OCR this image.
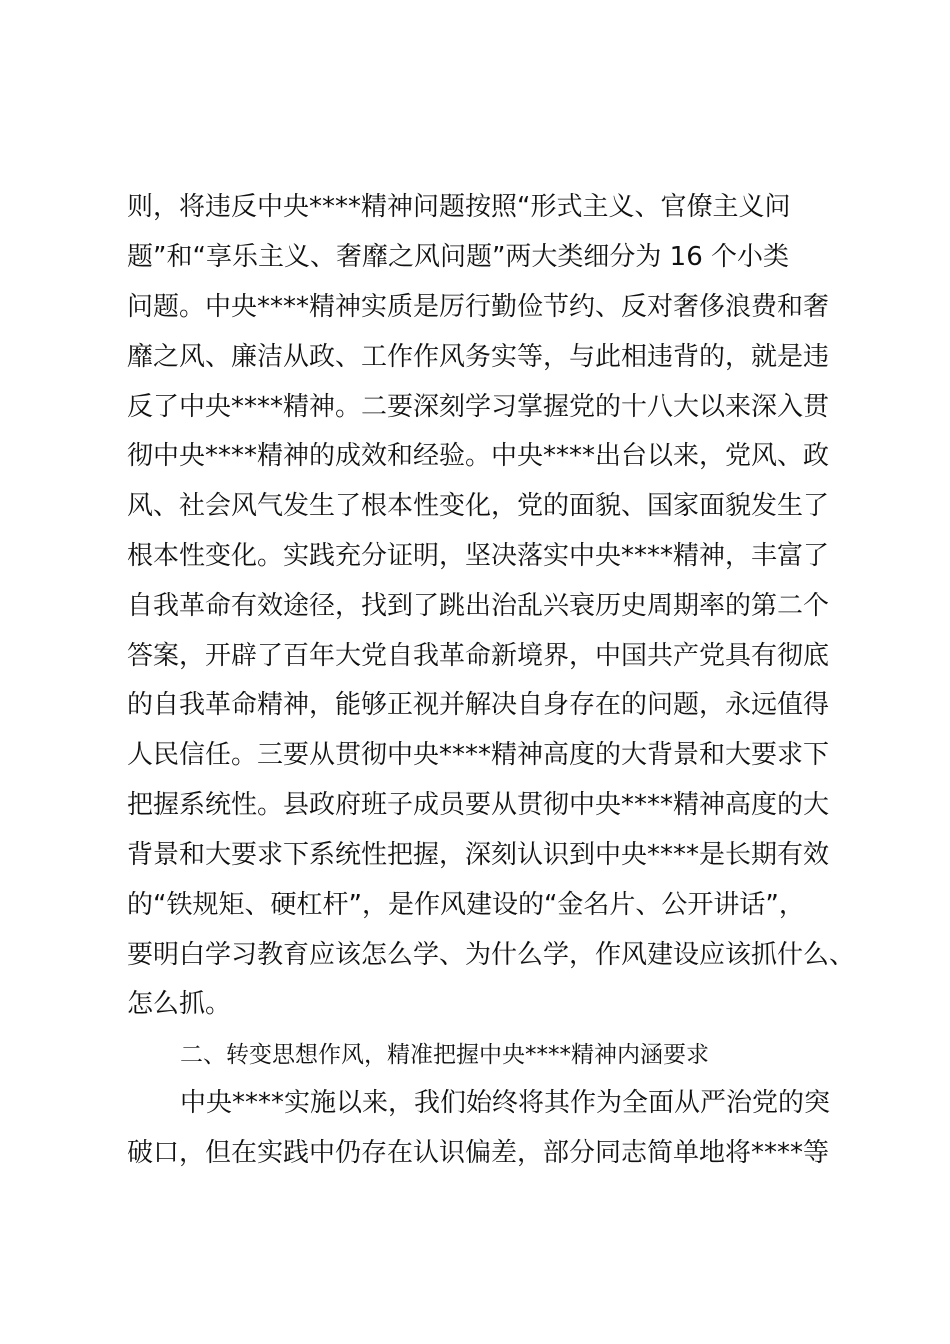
则，将违反中央****精神问题按照“形式主义、官僚主义问
题”和“享乐主义、奢靡之风问题”两大类细分为 16 个小类
问题。中央****精神实质是厉行勤俭节约、反对奢侈浪费和奢
靡之风、廉洁从政、工作作风务实等，与此相违背的，就是违
反了中央****精神。二要深刻学习掌握党的十八大以来深入贯
彻中央****精神的成效和经验。中央****出台以来，党风、政
风、社会风气发生了根本性变化，党的面貌、国家面貌发生了
根本性变化。实践充分证明，坚决落实中央****精神，丰富了
自我革命有效途径，找到了跳出治乱兴衰历史周期率的第二个
答案，开辟了百年大党自我革命新境界，中国共产党具有彻底
的自我革命精神，能够正视并解决自身存在的问题，永远值得
人民信任。三要从贯彻中央****精神高度的大背景和大要求下
把握系统性。县政府班子成员要从贯彻中央****精神高度的大
背景和大要求下系统性把握，深刻认识到中央****是长期有效
的“铁规矩、硬杠杆”，是作风建设的“金名片、公开讲话”，
要明白学习教育应该怎么学、为什么学，作风建设应该抓什么、
怎么抓。
二、转变思想作风，精准把握中央****精神内涵要求
中央****实施以来，我们始终将其作为全面从严治党的突
破口，但在实践中仍存在认识偏差，部分同志简单地将****等
